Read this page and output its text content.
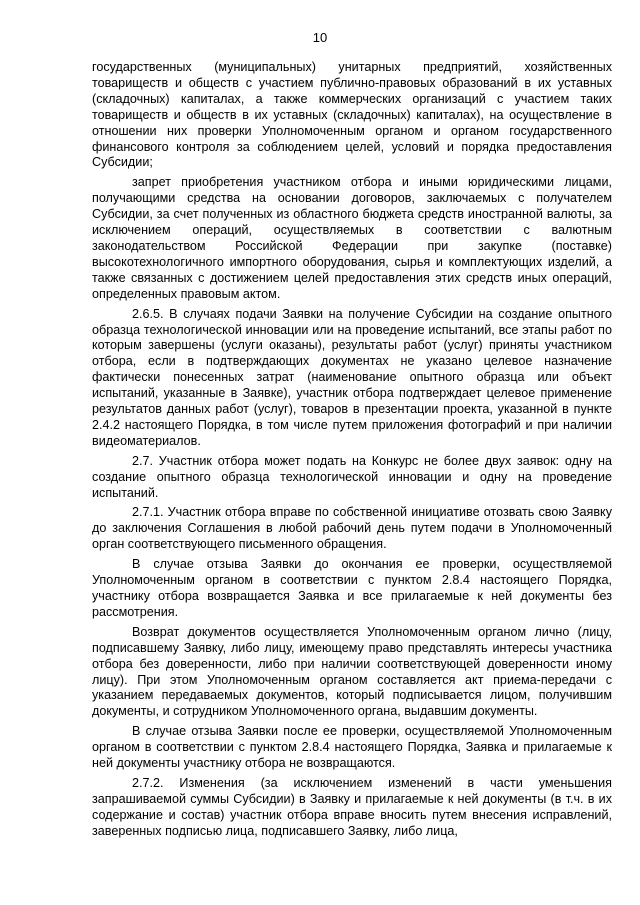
10

государственных (муниципальных) унитарных предприятий, хозяйственных товариществ и обществ с участием публично-правовых образований в их уставных (складочных) капиталах, а также коммерческих организаций с участием таких товариществ и обществ в их уставных (складочных) капиталах), на осуществление в отношении них проверки Уполномоченным органом и органом государственного финансового контроля за соблюдением целей, условий и порядка предоставления Субсидии;

запрет приобретения участником отбора и иными юридическими лицами, получающими средства на основании договоров, заключаемых с получателем Субсидии, за счет полученных из областного бюджета средств иностранной валюты, за исключением операций, осуществляемых в соответствии с валютным законодательством Российской Федерации при закупке (поставке) высокотехнологичного импортного оборудования, сырья и комплектующих изделий, а также связанных с достижением целей предоставления этих средств иных операций, определенных правовым актом.

2.6.5. В случаях подачи Заявки на получение Субсидии на создание опытного образца технологической инновации или на проведение испытаний, все этапы работ по которым завершены (услуги оказаны), результаты работ (услуг) приняты участником отбора, если в подтверждающих документах не указано целевое назначение фактически понесенных затрат (наименование опытного образца или объект испытаний, указанные в Заявке), участник отбора подтверждает целевое применение результатов данных работ (услуг), товаров в презентации проекта, указанной в пункте 2.4.2 настоящего Порядка, в том числе путем приложения фотографий и при наличии видеоматериалов.

2.7. Участник отбора может подать на Конкурс не более двух заявок: одну на создание опытного образца технологической инновации и одну на проведение испытаний.

2.7.1. Участник отбора вправе по собственной инициативе отозвать свою Заявку до заключения Соглашения в любой рабочий день путем подачи в Уполномоченный орган соответствующего письменного обращения.

В случае отзыва Заявки до окончания ее проверки, осуществляемой Уполномоченным органом в соответствии с пунктом 2.8.4 настоящего Порядка, участнику отбора возвращается Заявка и все прилагаемые к ней документы без рассмотрения.

Возврат документов осуществляется Уполномоченным органом лично (лицу, подписавшему Заявку, либо лицу, имеющему право представлять интересы участника отбора без доверенности, либо при наличии соответствующей доверенности иному лицу). При этом Уполномоченным органом составляется акт приема-передачи с указанием передаваемых документов, который подписывается лицом, получившим документы, и сотрудником Уполномоченного органа, выдавшим документы.

В случае отзыва Заявки после ее проверки, осуществляемой Уполномоченным органом в соответствии с пунктом 2.8.4 настоящего Порядка, Заявка и прилагаемые к ней документы участнику отбора не возвращаются.

2.7.2. Изменения (за исключением изменений в части уменьшения запрашиваемой суммы Субсидии) в Заявку и прилагаемые к ней документы (в т.ч. в их содержание и состав) участник отбора вправе вносить путем внесения исправлений, заверенных подписью лица, подписавшего Заявку, либо лица,
